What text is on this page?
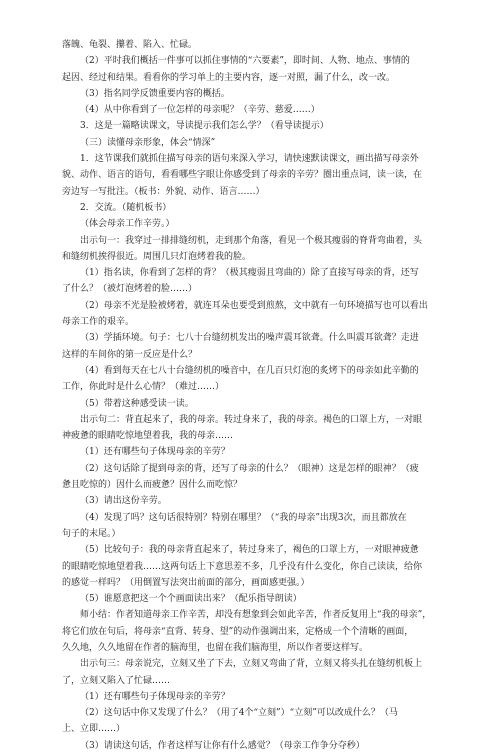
落魄、龟裂、攥着、陷入、忙碌。
（2）平时我们概括一件事可以抓住事情的“六要素”，即时间、人物、地点、事情的
起因、经过和结果。看看你的学习单上的主要内容，逐一对照，漏了什么，改一改。
（3）指名同学反馈重要内容的概括。
（4）从中你看到了一位怎样的母亲呢？（辛劳、慈爱……）
3．这是一篇略读课文，导读提示我们怎么学？（看导读提示）
（三）读懂母亲形象，体会“情深”
1．这节课我们就抓住描写母亲的语句来深入学习，请快速默读课文，画出描写母亲外
貌、动作、语言的语句，看看哪些字眼让你感受到了母亲的辛劳？圈出重点词，读一读，在
旁边写一写批注。（板书：外貌、动作、语言……）
2．交流。（随机板书）
（体会母亲工作辛劳。）
出示句一：我穿过一排排缝纫机，走到那个角落，看见一个极其瘦弱的脊背弯曲着，头
和缝纫机挨得很近。周围几只灯泡烤着我的脸。
（1）指名读，你看到了怎样的背？（极其瘦弱且弯曲的）除了直接写母亲的背，还写
了什么？（被灯泡烤着的脸……）
（2）母亲不光是脸被烤着，就连耳朵也要受到煎熬，文中就有一句环境描写也可以看出
母亲工作的艰辛。
（3）学插环境。句子：七八十台缝纫机发出的噪声震耳欲聋。什么叫震耳欲聋？走进
这样的车间你的第一反应是什么？
（4）看到每天在七八十台缝纫机的噪音中，在几百只灯泡的炙烤下的母亲如此辛勤的
工作，你此时是什么心情？（难过……）
（5）带着这种感受读一读。
出示句二：背直起来了，我的母亲。转过身来了，我的母亲。褐色的口罩上方，一对眼
神疲惫的眼睛吃惊地望着我，我的母亲……
（1）还有哪些句子体现母亲的辛劳？
（2）这句话除了提到母亲的背，还写了母亲的什么？（眼神）这是怎样的眼神？（疲
惫且吃惊的）因什么而疲惫？因什么而吃惊？
（3）请出这份辛劳。
（4）发现了吗？这句话很特别？特别在哪里？（“我的母亲”出现3次，而且都放在
句子的末尾。）
（5）比较句子：我的母亲背直起来了，转过身来了，褐色的口罩上方，一对眼神疲惫
的眼睛吃惊地望着我……这两句话上下意思差不多，几乎没有什么变化，你自己读读，给你
的感觉一样吗？（用倒置写法突出前面的部分，画面感更强。）
（5）谁愿意把这一个个画面读出来？（配乐指导朗读）
师小结：作者知道母亲工作辛苦，却没有想象到会如此辛苦，作者反复用上“我的母亲”，
将它们放在句后，将母亲“直背、转身、望”的动作强调出来，定格成一个个清晰的画面，
久久地，久久地留在作者的脑海里，也留在我们脑海里，所以作者要这样写。
出示句三：母亲说完，立刻又坐了下去，立刻又弯曲了背，立刻又将头扎在缝纫机板上
了，立刻又陷入了忙碌……
（1）还有哪些句子体现母亲的辛劳？
（2）这句话中你又发现了什么？（用了4个“立刻”）“立刻”可以改成什么？（马
上、立即……）
（3）请读这句话，作者这样写让你有什么感觉？（母亲工作争分夺秒）
